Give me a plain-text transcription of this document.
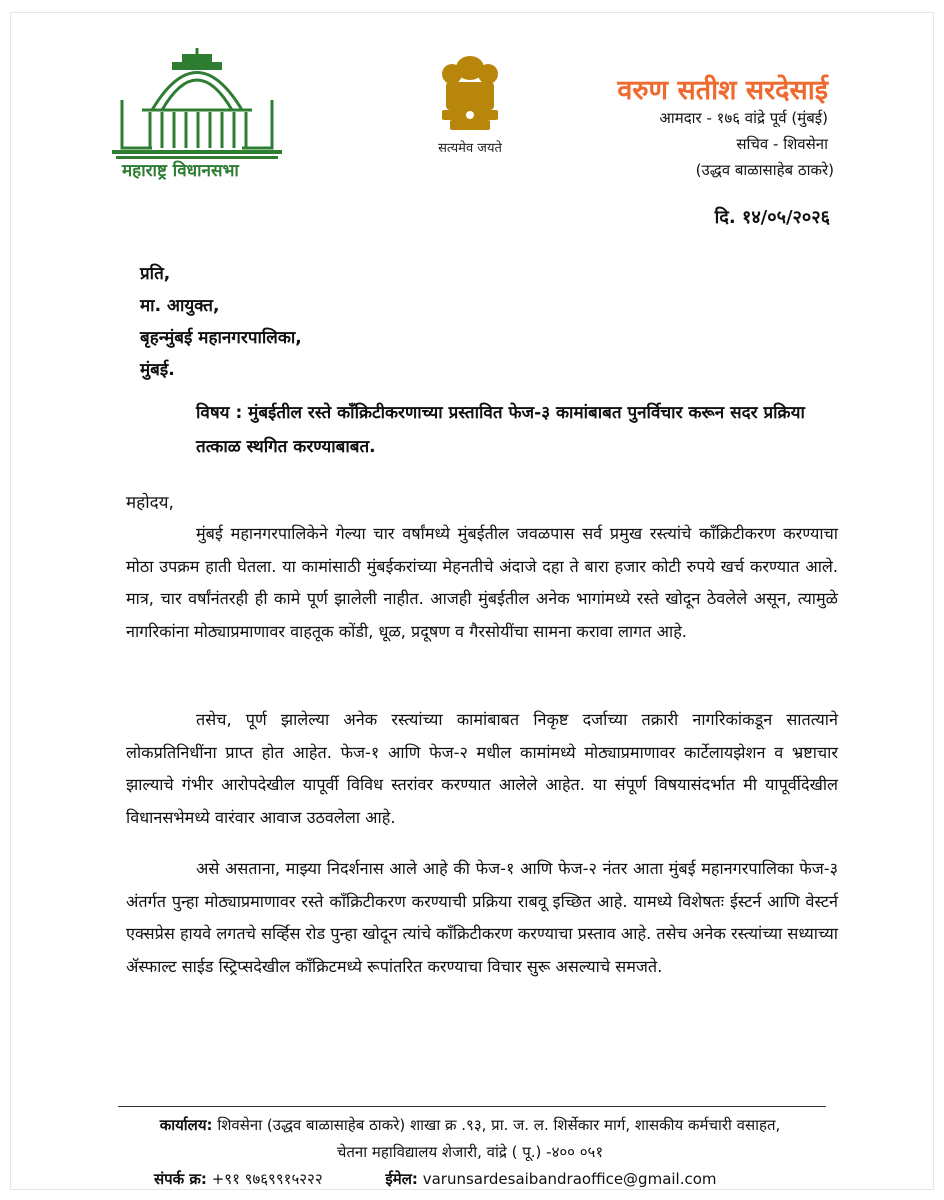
महाराष्ट्र विधानसभा
सत्यमेव जयते
वरुण सतीश सरदेसाई
आमदार - १७६ वांद्रे पूर्व (मुंबई)
सचिव - शिवसेना
(उद्धव बाळासाहेब ठाकरे)
दि. १४/०५/२०२६
प्रति,
मा. आयुक्त,
बृहन्मुंबई महानगरपालिका,
मुंबई.
विषय : मुंबईतील रस्ते कॉंक्रिटीकरणाच्या प्रस्तावित फेज-३ कामांबाबत पुनर्विचार करून सदर प्रक्रिया तत्काळ स्थगित करण्याबाबत.
महोदय,
मुंबई महानगरपालिकेने गेल्या चार वर्षांमध्ये मुंबईतील जवळपास सर्व प्रमुख रस्त्यांचे कॉंक्रिटीकरण करण्याचा मोठा उपक्रम हाती घेतला. या कामांसाठी मुंबईकरांच्या मेहनतीचे अंदाजे दहा ते बारा हजार कोटी रुपये खर्च करण्यात आले. मात्र, चार वर्षांनंतरही ही कामे पूर्ण झालेली नाहीत. आजही मुंबईतील अनेक भागांमध्ये रस्ते खोदून ठेवलेले असून, त्यामुळे नागरिकांना मोठ्याप्रमाणावर वाहतूक कोंडी, धूळ, प्रदूषण व गैरसोयींचा सामना करावा लागत आहे.
तसेच, पूर्ण झालेल्या अनेक रस्त्यांच्या कामांबाबत निकृष्ट दर्जाच्या तक्रारी नागरिकांकडून सातत्याने लोकप्रतिनिधींना प्राप्त होत आहेत. फेज-१ आणि फेज-२ मधील कामांमध्ये मोठ्याप्रमाणावर कार्टेलायझेशन व भ्रष्टाचार झाल्याचे गंभीर आरोपदेखील यापूर्वी विविध स्तरांवर करण्यात आलेले आहेत. या संपूर्ण विषयासंदर्भात मी यापूर्वीदेखील विधानसभेमध्ये वारंवार आवाज उठवलेला आहे.
असे असताना, माझ्या निदर्शनास आले आहे की फेज-१ आणि फेज-२ नंतर आता मुंबई महानगरपालिका फेज-३ अंतर्गत पुन्हा मोठ्याप्रमाणावर रस्ते कॉंक्रिटीकरण करण्याची प्रक्रिया राबवू इच्छित आहे. यामध्ये विशेषतः ईस्टर्न आणि वेस्टर्न एक्सप्रेस हायवे लगतचे सर्व्हिस रोड पुन्हा खोदून त्यांचे कॉंक्रिटीकरण करण्याचा प्रस्ताव आहे. तसेच अनेक रस्त्यांच्या सध्याच्या ॲस्फाल्ट साईड स्ट्रिप्सदेखील कॉंक्रिटमध्ये रूपांतरित करण्याचा विचार सुरू असल्याचे समजते.
कार्यालय: शिवसेना (उद्धव बाळासाहेब ठाकरे) शाखा क्र .९३, प्रा. ज. ल. शिर्सेकार मार्ग, शासकीय कर्मचारी वसाहत,
चेतना महाविद्यालय शेजारी, वांद्रे ( पू.) -४०० ०५१
संपर्क क्र: +९१ ९७६९९१५२२२	ईमेल: varunsardesaibandraoffice@gmail.com
